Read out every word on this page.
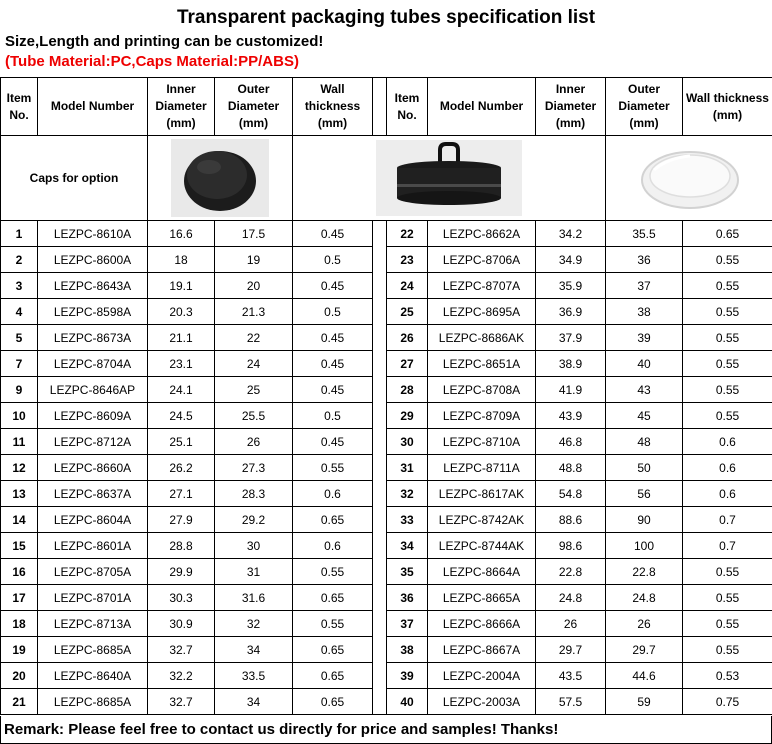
Transparent packaging tubes specification list
Size,Length and printing can be customized!
(Tube Material:PC,Caps Material:PP/ABS)
Item No.	Model Number	Inner Diameter (mm)	Outer Diameter (mm)	Wall thickness (mm)		Item No.	Model Number	Inner Diameter (mm)	Outer Diameter (mm)	Wall thickness (mm)
Caps for option	

1	LEZPC-8610A	16.6	17.5	0.45		22	LEZPC-8662A	34.2	35.5	0.65
2	LEZPC-8600A	18	19	0.5		23	LEZPC-8706A	34.9	36	0.55
3	LEZPC-8643A	19.1	20	0.45		24	LEZPC-8707A	35.9	37	0.55
4	LEZPC-8598A	20.3	21.3	0.5		25	LEZPC-8695A	36.9	38	0.55
5	LEZPC-8673A	21.1	22	0.45		26	LEZPC-8686AK	37.9	39	0.55
7	LEZPC-8704A	23.1	24	0.45		27	LEZPC-8651A	38.9	40	0.55
9	LEZPC-8646AP	24.1	25	0.45		28	LEZPC-8708A	41.9	43	0.55
10	LEZPC-8609A	24.5	25.5	0.5		29	LEZPC-8709A	43.9	45	0.55
11	LEZPC-8712A	25.1	26	0.45		30	LEZPC-8710A	46.8	48	0.6
12	LEZPC-8660A	26.2	27.3	0.55		31	LEZPC-8711A	48.8	50	0.6
13	LEZPC-8637A	27.1	28.3	0.6		32	LEZPC-8617AK	54.8	56	0.6
14	LEZPC-8604A	27.9	29.2	0.65		33	LEZPC-8742AK	88.6	90	0.7
15	LEZPC-8601A	28.8	30	0.6		34	LEZPC-8744AK	98.6	100	0.7
16	LEZPC-8705A	29.9	31	0.55		35	LEZPC-8664A	22.8	22.8	0.55
17	LEZPC-8701A	30.3	31.6	0.65		36	LEZPC-8665A	24.8	24.8	0.55
18	LEZPC-8713A	30.9	32	0.55		37	LEZPC-8666A	26	26	0.55
19	LEZPC-8685A	32.7	34	0.65		38	LEZPC-8667A	29.7	29.7	0.55
20	LEZPC-8640A	32.2	33.5	0.65		39	LEZPC-2004A	43.5	44.6	0.53
21	LEZPC-8685A	32.7	34	0.65		40	LEZPC-2003A	57.5	59	0.75
Remark: Please feel free to contact us directly for price and samples! Thanks!
